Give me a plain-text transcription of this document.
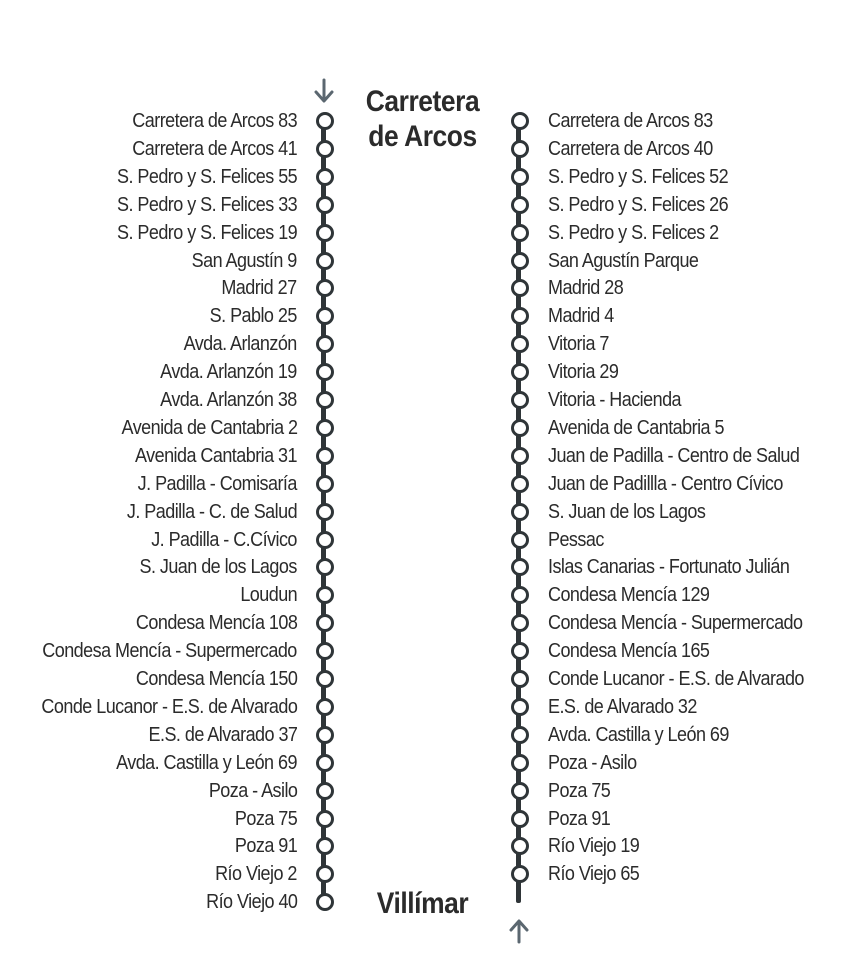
Carretera
de Arcos
Villímar
Carretera de Arcos 83
Carretera de Arcos 41
S. Pedro y S. Felices 55
S. Pedro y S. Felices 33
S. Pedro y S. Felices 19
San Agustín 9
Madrid 27
S. Pablo 25
Avda. Arlanzón
Avda. Arlanzón 19
Avda. Arlanzón 38
Avenida de Cantabria 2
Avenida Cantabria 31
J. Padilla - Comisaría
J. Padilla - C. de Salud
J. Padilla - C.Cívico
S. Juan de los Lagos
Loudun
Condesa Mencía 108
Condesa Mencía - Supermercado
Condesa Mencía 150
Conde Lucanor - E.S. de Alvarado
E.S. de Alvarado 37
Avda. Castilla y León 69
Poza - Asilo
Poza 75
Poza 91
Río Viejo 2
Río Viejo 40
Carretera de Arcos 83
Carretera de Arcos 40
S. Pedro y S. Felices 52
S. Pedro y S. Felices 26
S. Pedro y S. Felices 2
San Agustín Parque
Madrid 28
Madrid 4
Vitoria 7
Vitoria 29
Vitoria - Hacienda
Avenida de Cantabria 5
Juan de Padilla - Centro de Salud
Juan de Padillla - Centro Cívico
S. Juan de los Lagos
Pessac
Islas Canarias - Fortunato Julián
Condesa Mencía 129
Condesa Mencía - Supermercado
Condesa Mencía 165
Conde Lucanor - E.S. de Alvarado
E.S. de Alvarado 32
Avda. Castilla y León 69
Poza - Asilo
Poza 75
Poza 91
Río Viejo 19
Río Viejo 65
